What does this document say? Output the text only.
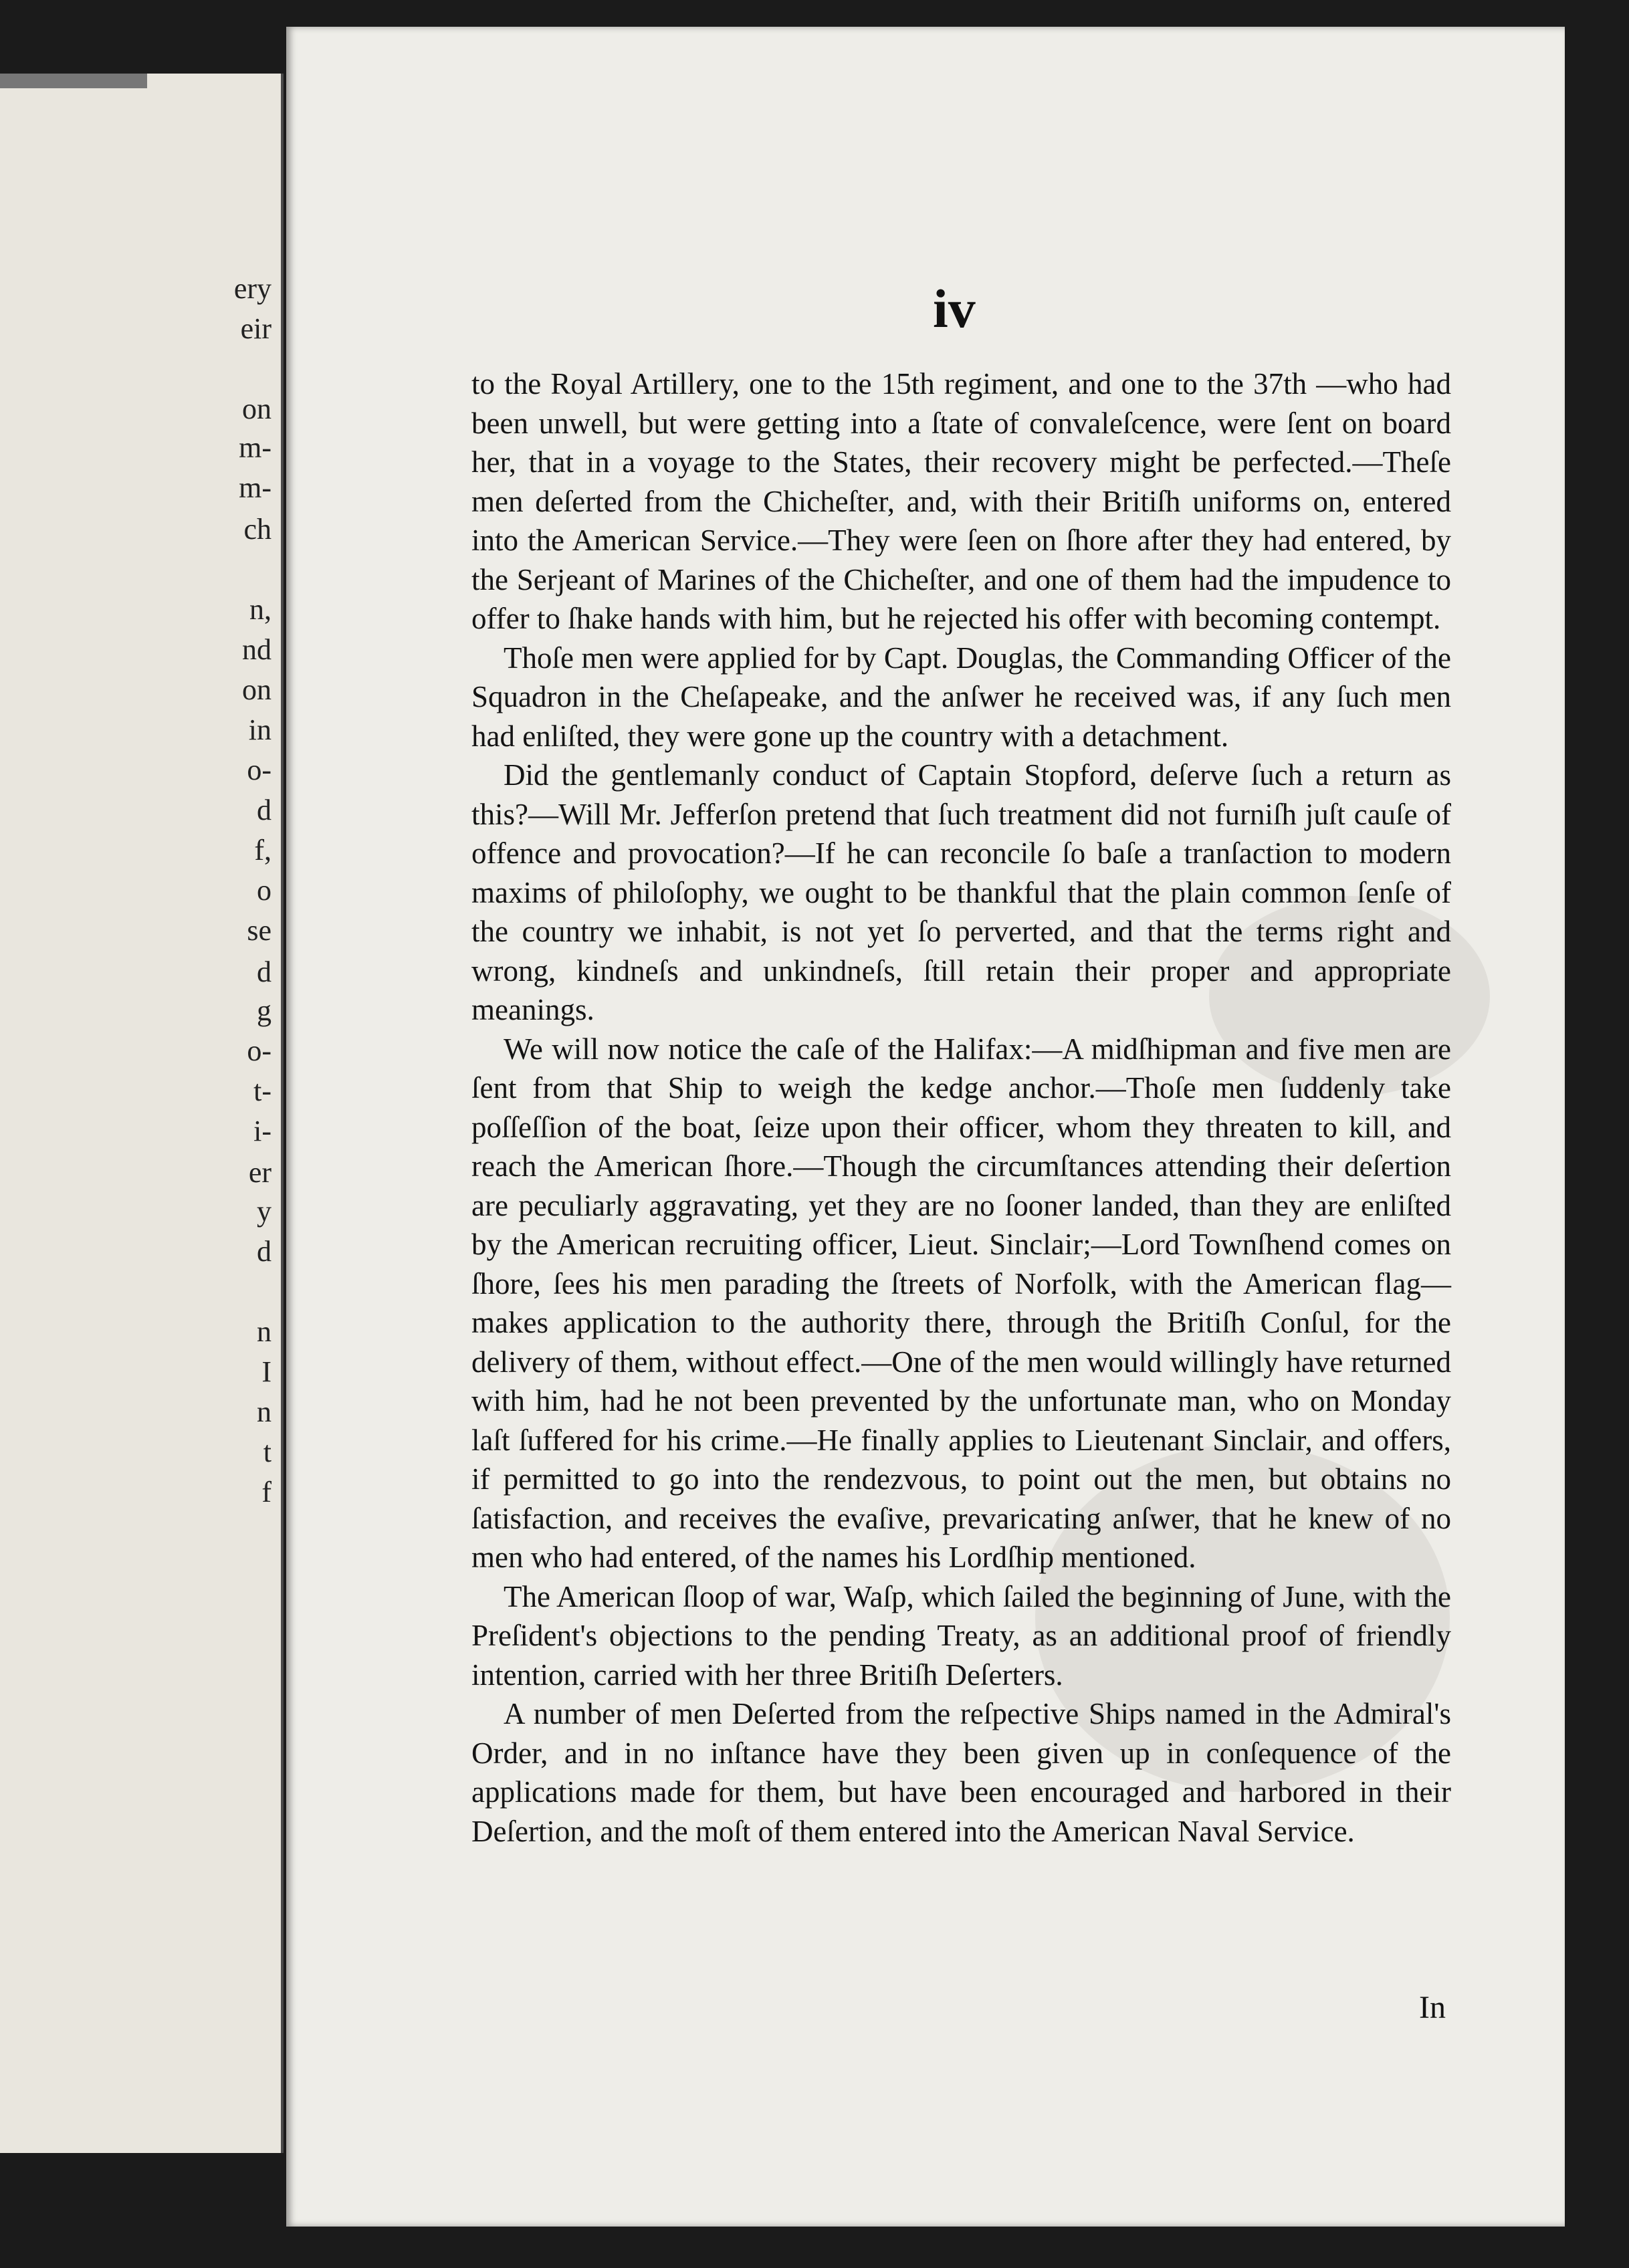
ery
eir
on
m-
m-
ch
n,
nd
on
in
o-
d
f,
o
se
d
g
o-
t-
i-
er
y
d
n
I
n
t
f
iv

to the Royal Artillery, one to the 15th regiment, and one to the 37th —who had been unwell, but were getting into a ſtate of convaleſcence, were ſent on board her, that in a voyage to the States, their recovery might be perfected.—Theſe men deſerted from the Chicheſter, and, with their Britiſh uniforms on, entered into the American Service.—They were ſeen on ſhore after they had entered, by the Serjeant of Marines of the Chicheſter, and one of them had the impudence to offer to ſhake hands with him, but he rejected his offer with becoming contempt.

Thoſe men were applied for by Capt. Douglas, the Commanding Officer of the Squadron in the Cheſapeake, and the anſwer he received was, if any ſuch men had enliſted, they were gone up the country with a detachment.

Did the gentlemanly conduct of Captain Stopford, deſerve ſuch a return as this?—Will Mr. Jefferſon pretend that ſuch treatment did not furniſh juſt cauſe of offence and provocation?—If he can reconcile ſo baſe a tranſaction to modern maxims of philoſophy, we ought to be thankful that the plain common ſenſe of the country we inhabit, is not yet ſo perverted, and that the terms right and wrong, kindneſs and unkindneſs, ſtill retain their proper and appropriate meanings.

We will now notice the caſe of the Halifax:—A midſhipman and five men are ſent from that Ship to weigh the kedge anchor.—Thoſe men ſuddenly take poſſeſſion of the boat, ſeize upon their officer, whom they threaten to kill, and reach the American ſhore.—Though the circumſtances attending their deſertion are peculiarly aggravating, yet they are no ſooner landed, than they are enliſted by the American recruiting officer, Lieut. Sinclair;—Lord Townſhend comes on ſhore, ſees his men parading the ſtreets of Norfolk, with the American flag—makes application to the authority there, through the Britiſh Conſul, for the delivery of them, without effect.—One of the men would willingly have returned with him, had he not been prevented by the unfortunate man, who on Monday laſt ſuffered for his crime.—He finally applies to Lieutenant Sinclair, and offers, if permitted to go into the rendezvous, to point out the men, but obtains no ſatisfaction, and receives the evaſive, prevaricating anſwer, that he knew of no men who had entered, of the names his Lordſhip mentioned.

The American ſloop of war, Waſp, which ſailed the beginning of June, with the Preſident's objections to the pending Treaty, as an additional proof of friendly intention, carried with her three Britiſh Deſerters.

A number of men Deſerted from the reſpective Ships named in the Admiral's Order, and in no inſtance have they been given up in conſequence of the applications made for them, but have been encouraged and harbored in their Deſertion, and the moſt of them entered into the American Naval Service.

In
